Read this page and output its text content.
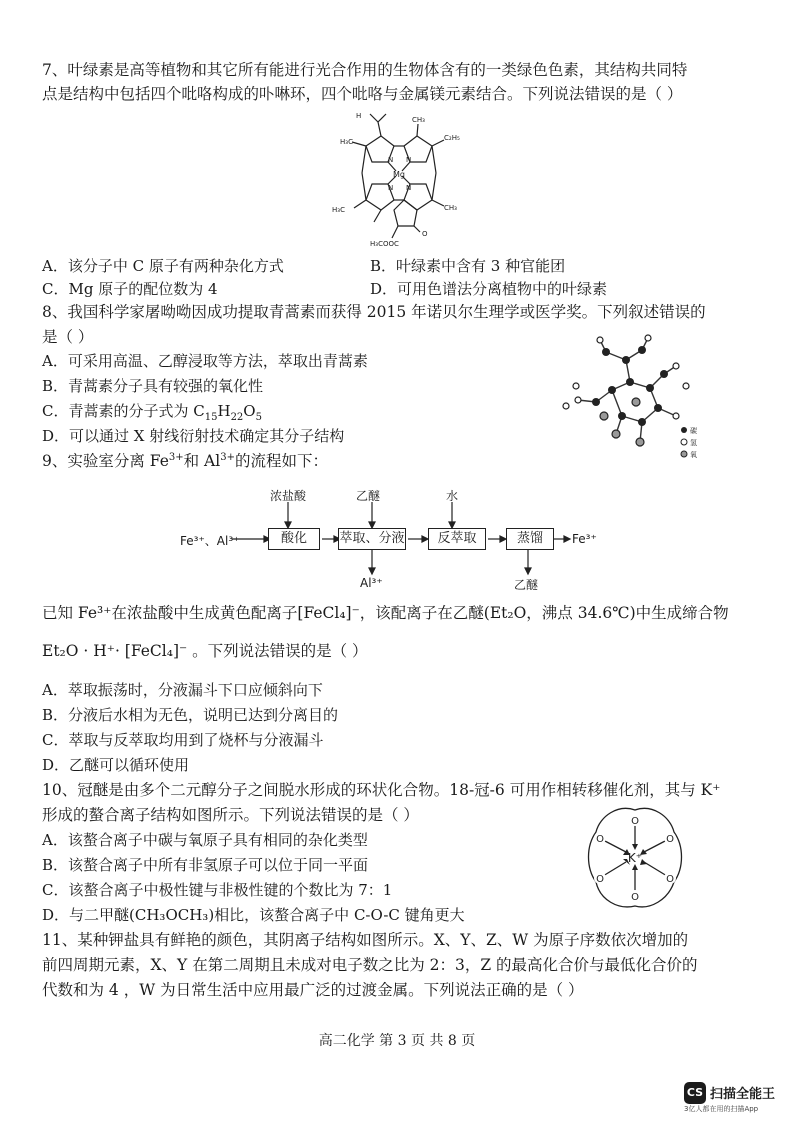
7、叶绿素是高等植物和其它所有能进行光合作用的生物体含有的一类绿色色素，其结构共同特
点是结构中包括四个吡咯构成的卟啉环，四个吡咯与金属镁元素结合。下列说法错误的是（ ）
H
H₃C
CH₃
C₂H₅
CH₃
H₃C
H₃COOC
O
N N
N N
Mg
A．该分子中 C 原子有两种杂化方式	B．叶绿素中含有 3 种官能团
C．Mg 原子的配位数为 4	D．可用色谱法分离植物中的叶绿素
8、我国科学家屠呦呦因成功提取青蒿素而获得 2015 年诺贝尔生理学或医学奖。下列叙述错误的
是（ ）
A．可采用高温、乙醇浸取等方法，萃取出青蒿素
B．青蒿素分子具有较强的氧化性
C．青蒿素的分子式为 $C_{15}H_{22}O_5$
D．可以通过 X 射线衍射技术确定其分子结构	碳
氢
氧
9、实验室分离 $Fe^{3+}$和 $Al^{3+}$的流程如下：
Fe³⁺、Al³⁺	酸化	萃取、分液	反萃取	蒸馏
浓盐酸	乙醚	水
Al³⁺	乙醚
Fe³⁺
已知 Fe³⁺在浓盐酸中生成黄色配离子[FeCl₄]⁻，该配离子在乙醚(Et₂O，沸点 34.6℃)中生成缔合物
Et₂O · H⁺· [FeCl₄]⁻ 。下列说法错误的是（ ）
A．萃取振荡时，分液漏斗下口应倾斜向下
B．分液后水相为无色，说明已达到分离目的
C．萃取与反萃取均用到了烧杯与分液漏斗
D．乙醚可以循环使用
10、冠醚是由多个二元醇分子之间脱水形成的环状化合物。18-冠-6 可用作相转移催化剂，其与 K⁺
形成的螯合离子结构如图所示。下列说法错误的是（ ）
A．该螯合离子中碳与氧原子具有相同的杂化类型
B．该螯合离子中所有非氢原子可以位于同一平面
C．该螯合离子中极性键与非极性键的个数比为 7：1
D．与二甲醚(CH₃OCH₃)相比，该螯合离子中 C-O-C 键角更大
O
O
O
O
O
O
K⁺
11、某种钾盐具有鲜艳的颜色，其阴离子结构如图所示。X、Y、Z、W 为原子序数依次增加的
前四周期元素，X、Y 在第二周期且未成对电子数之比为 2：3，Z 的最高化合价与最低化合价的
代数和为 4 ，W 为日常生活中应用最广泛的过渡金属。下列说法正确的是（ ）
高二化学 第 3 页 共 8 页
CS 扫描全能王
3亿人都在用的扫描App
